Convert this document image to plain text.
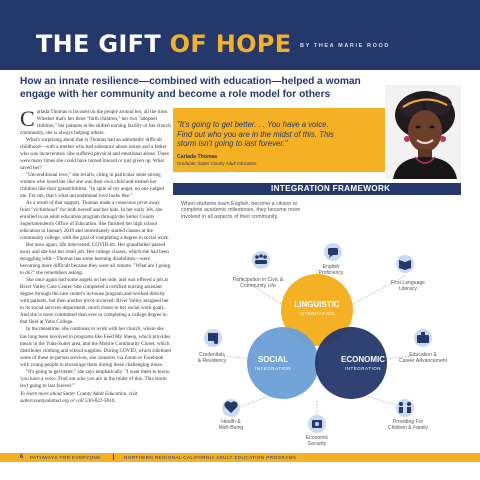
THE GIFT OF HOPE BY THEA MARIE ROOD
How an innate resilience—combined with education—helped a woman engage with her community and become a role model for others

Carlada Thomas is focused on the people around her, all the time. Whether that's her three "birth children," her two "adopted children," her patients at the skilled nursing facility or her church community, she is always helping others.

What's surprising about that is Thomas had an admittedly difficult childhood—with a mother who had substance abuse issues and a father who was incarcerated. She suffered physical and emotional abuse. There were many times she could have turned inward or just given up. What saved her?

"Unconditional love," she recalls, citing in particular some strong women who loved her like she was their own child and treated her children like their grandchildren. "In spite of my anger, no one judged me. For me, that's what unconditional love looks like."

As a result of that support, Thomas made a conscious pivot away from "victimhood" for both herself and her kids. In her early 30s, she enrolled in an adult education program through the Sutter County Superintendent's Office of Education. She finished her high school education in January 2019 and immediately started classes at the community college, with the goal of completing a degree in social work.

But once again, life intervened: COVID hit. Her grandfather passed away and she lost her retail job. Her college classes, which she had been struggling with—Thomas has some learning disabilities—were becoming more difficult because they were all remote. "What am I going to do?" she remembers asking.

She once again had some angels on her side, and was offered a job at River Valley Care Center. She completed a certified nursing assistant degree through the care center's in-house program and worked directly with patients, but then another pivot occurred: River Valley assigned her to its social services department, much closer to her social work goals. And she is more committed than ever to completing a college degree in that field at Yuba College.

In the meantime, she continues to work with her church, where she has long been involved in programs like Feed My Sheep, which provides meals in the Yuba-Sutter area, and the Mobile Community Closet, which distributes clothing and school supplies. During COVID, which sidelined some of these in-person services, she connects via Zoom or Facebook with young people to encourage them during these challenging times.

"It's going to get better," she says emphatically. "I want them to know, 'you have a voice. Find out who you are in the midst of this. This storm isn't going to last forever.'"

To learn more about Sutter County Adult Education, visit suttercountyadulted.org or call 530-822-5810.

"It's going to get better. . . You have a voice. Find out who you are in the midst of this. This storm isn't going to last forever."
Carlada Thomas
Graduate, Sutter County Adult Education
INTEGRATION FRAMEWORK
When students learn English, become a citizen or complete academic milestones, they become more involved in all aspects of their community.
LINGUISTIC
INTEGRATION
SOCIAL
INTEGRATION
ECONOMIC
INTEGRATION
English
Proficiency
Participation in Civic &
Community Life	First Language
Literacy
Credentials
& Residency
Education &
Career Advancement
Health &
Well-Being
Economic
Security
Providing For
Children & Family
6 PATHWAYS FOR EVERYONE	NORTHERN REGIONAL CALIFORNIA ADULT EDUCATION PROGRAMS
